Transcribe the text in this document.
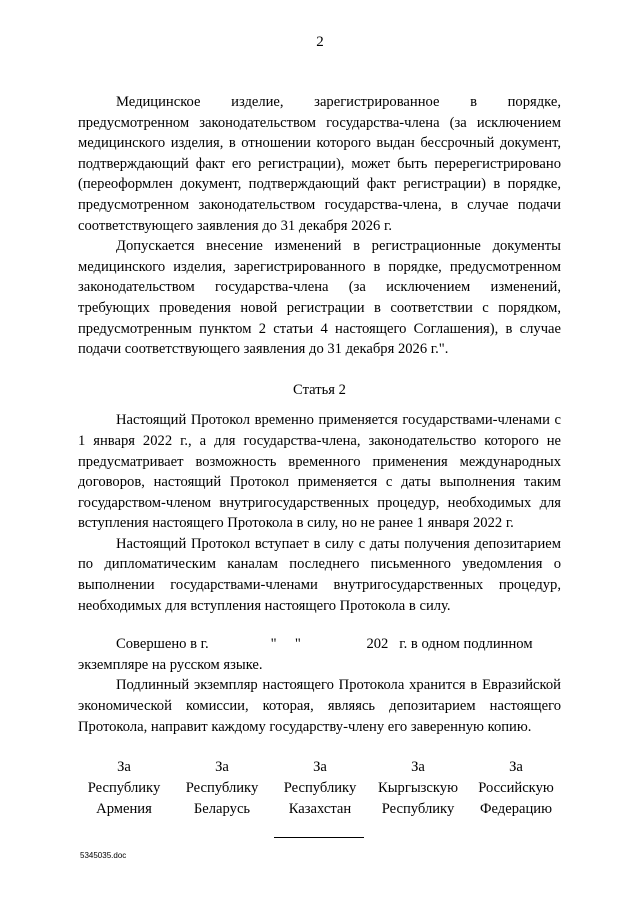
2

Медицинское изделие, зарегистрированное в порядке, предусмотренном законодательством государства-члена (за исключением медицинского изделия, в отношении которого выдан бессрочный документ, подтверждающий факт его регистрации), может быть перерегистрировано (переоформлен документ, подтверждающий факт регистрации) в порядке, предусмотренном законодательством государства-члена, в случае подачи соответствующего заявления до 31 декабря 2026 г.

Допускается внесение изменений в регистрационные документы медицинского изделия, зарегистрированного в порядке, предусмотренном законодательством государства-члена (за исключением изменений, требующих проведения новой регистрации в соответствии с порядком, предусмотренным пунктом 2 статьи 4 настоящего Соглашения), в случае подачи соответствующего заявления до 31 декабря 2026 г.".

Статья 2

Настоящий Протокол временно применяется государствами-членами с 1 января 2022 г., а для государства-члена, законодательство которого не предусматривает возможность временного применения международных договоров, настоящий Протокол применяется с даты выполнения таким государством-членом внутригосударственных процедур, необходимых для вступления настоящего Протокола в силу, но не ранее 1 января 2022 г.

Настоящий Протокол вступает в силу с даты получения депозитарием по дипломатическим каналам последнего письменного уведомления о выполнении государствами-членами внутригосударственных процедур, необходимых для вступления настоящего Протокола в силу.

Совершено в г.                 "     "                  202   г. в одном подлинном

экземпляре на русском языке.

Подлинный экземпляр настоящего Протокола хранится в Евразийской экономической комиссии, которая, являясь депозитарием настоящего Протокола, направит каждому государству-члену его заверенную копию.

За
Республику
Армения
За
Республику
Беларусь
За
Республику
Казахстан
За
Кыргызскую
Республику
За
Российскую
Федерацию
5345035.doc
